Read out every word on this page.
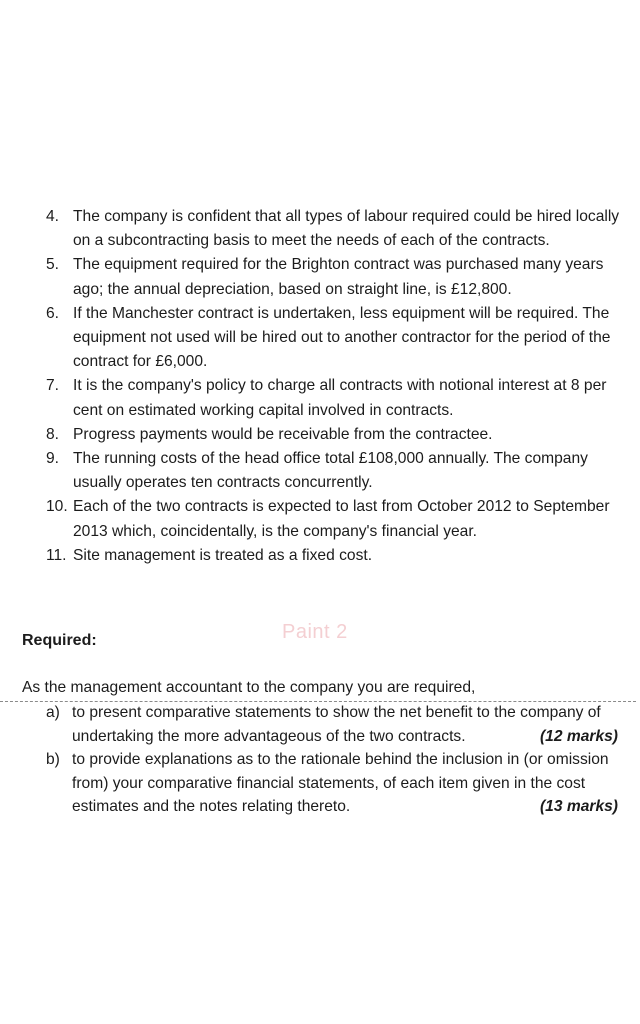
4. The company is confident that all types of labour required could be hired locally on a subcontracting basis to meet the needs of each of the contracts.
5. The equipment required for the Brighton contract was purchased many years ago; the annual depreciation, based on straight line, is £12,800.
6. If the Manchester contract is undertaken, less equipment will be required. The equipment not used will be hired out to another contractor for the period of the contract for £6,000.
7. It is the company's policy to charge all contracts with notional interest at 8 per cent on estimated working capital involved in contracts.
8. Progress payments would be receivable from the contractee.
9. The running costs of the head office total £108,000 annually. The company usually operates ten contracts concurrently.
10. Each of the two contracts is expected to last from October 2012 to September 2013 which, coincidentally, is the company's financial year.
11. Site management is treated as a fixed cost.
Paint 2
Required:
As the management accountant to the company you are required,
a) to present comparative statements to show the net benefit to the company of undertaking the more advantageous of the two contracts.	(12 marks)
b) to provide explanations as to the rationale behind the inclusion in (or omission from) your comparative financial statements, of each item given in the cost estimates and the notes relating thereto.	(13 marks)
